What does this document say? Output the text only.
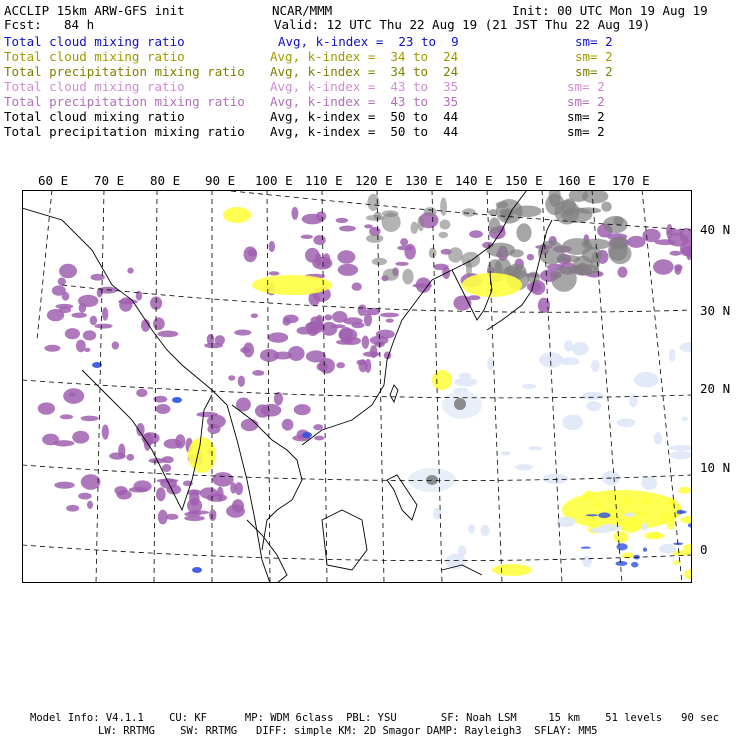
ACCLIP 15km ARW-GFS init	NCAR/MMM	Init: 00 UTC Mon 19 Aug 19
Fcst: 84 h	Valid: 12 UTC Thu 22 Aug 19 (21 JST Thu 22 Aug 19)
Total cloud mixing ratio	Avg, k-index =  23 to  9	sm= 2
Total cloud mixing ratio	Avg, k-index =  34 to  24	sm= 2
Total precipitation mixing ratio Avg, k-index =  34 to  24	sm= 2
Total cloud mixing ratio	Avg, k-index =  43 to  35	sm= 2
Total precipitation mixing ratio Avg, k-index =  43 to  35	sm= 2
Total cloud mixing ratio	Avg, k-index =  50 to  44	sm= 2
Total precipitation mixing ratio Avg, k-index =  50 to  44	sm= 2
60 E 70 E 80 E 90 E 100 E 110 E 120 E 130 E 140 E 150 E 160 E 170 E
40 N
30 N
20 N
10 N
0
Model Info: V4.1.1    CU: KF      MP: WDM 6class  PBL: YSU       SF: Noah LSM     15 km    51 levels   90 sec
LW: RRTMG    SW: RRTMG   DIFF: simple KM: 2D Smagor DAMP: Rayleigh3  SFLAY: MM5
